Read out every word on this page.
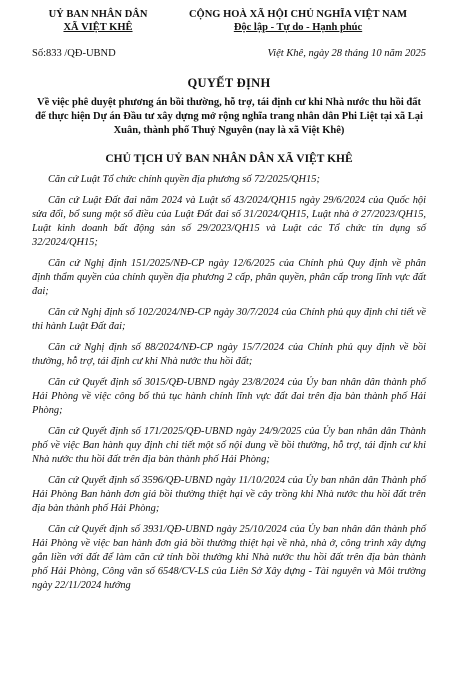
UỶ BAN NHÂN DÂN
XÃ VIỆT KHÊ
CỘNG HOÀ XÃ HỘI CHỦ NGHĨA VIỆT NAM
Độc lập - Tự do - Hạnh phúc
Số:833 /QĐ-UBND	Việt Khê, ngày 28 tháng 10 năm 2025
QUYẾT ĐỊNH
Về việc phê duyệt phương án bồi thường, hỗ trợ, tái định cư khi Nhà nước thu hồi đất để thực hiện Dự án Đầu tư xây dựng mở rộng nghĩa trang nhân dân Phi Liệt tại xã Lại Xuân, thành phố Thuỷ Nguyên (nay là xã Việt Khê)
CHỦ TỊCH UỶ BAN NHÂN DÂN XÃ VIỆT KHÊ

Căn cứ Luật Tổ chức chính quyền địa phương số 72/2025/QH15;

Căn cứ Luật Đất đai năm 2024 và Luật số 43/2024/QH15 ngày 29/6/2024 của Quốc hội sửa đổi, bổ sung một số điều của Luật Đất đai số 31/2024/QH15, Luật nhà ở 27/2023/QH15, Luật kinh doanh bất động sản số 29/2023/QH15 và Luật các Tổ chức tín dụng số 32/2024/QH15;

Căn cứ Nghị định 151/2025/NĐ-CP ngày 12/6/2025 của Chính phủ Quy định về phân định thẩm quyền của chính quyền địa phương 2 cấp, phân quyền, phân cấp trong lĩnh vực đất đai;

Căn cứ Nghị định số 102/2024/NĐ-CP ngày 30/7/2024 của Chính phủ quy định chi tiết về thi hành Luật Đất đai;

Căn cứ Nghị định số 88/2024/NĐ-CP ngày 15/7/2024 của Chính phủ quy định về bồi thường, hỗ trợ, tái định cư khi Nhà nước thu hồi đất;

Căn cứ Quyết định số 3015/QĐ-UBND ngày 23/8/2024 của Ủy ban nhân dân thành phố Hải Phòng về việc công bố thủ tục hành chính lĩnh vực đất đai trên địa bàn thành phố Hải Phòng;

Căn cứ Quyết định số 171/2025/QĐ-UBND ngày 24/9/2025 của Ủy ban nhân dân Thành phố về việc Ban hành quy định chi tiết một số nội dung về bồi thường, hỗ trợ, tái định cư khi Nhà nước thu hồi đất trên địa bàn thành phố Hải Phòng;

Căn cứ Quyết định số 3596/QĐ-UBND ngày 11/10/2024 của Ủy ban nhân dân Thành phố Hải Phòng Ban hành đơn giá bồi thường thiệt hại về cây trồng khi Nhà nước thu hồi đất trên địa bàn thành phố Hải Phòng;

Căn cứ Quyết định số 3931/QĐ-UBND ngày 25/10/2024 của Ủy ban nhân dân thành phố Hải Phòng về việc ban hành đơn giá bồi thường thiệt hại về nhà, nhà ở, công trình xây dựng gắn liền với đất để làm căn cứ tính bồi thường khi Nhà nước thu hồi đất trên địa bàn thành phố Hải Phòng, Công văn số 6548/CV-LS của Liên Sở Xây dựng - Tài nguyên và Môi trường ngày 22/11/2024 hướng
